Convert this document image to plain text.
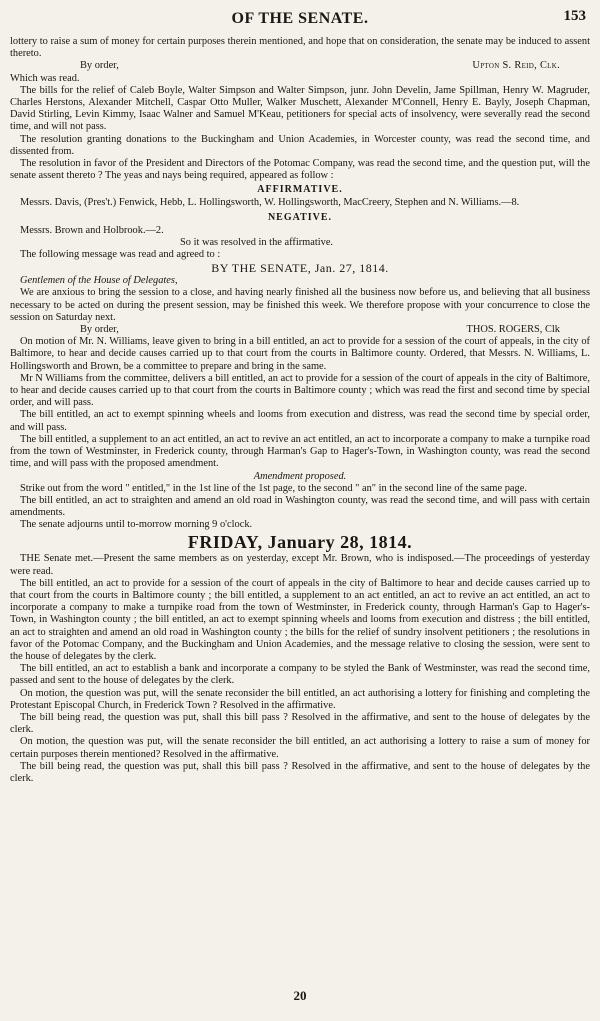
OF THE SENATE.	153

lottery to raise a sum of money for certain purposes therein mentioned, and hope that on consideration, the senate may be induced to assent thereto.

By order,	Upton S. Reid, Clk.

Which was read.

The bills for the relief of Caleb Boyle, Walter Simpson and Walter Simpson, junr. John Develin, Jame Spillman, Henry W. Magruder, Charles Herstons, Alexander Mitchell, Caspar Otto Muller, Walker Muschett, Alexander M'Connell, Henry E. Bayly, Joseph Chapman, David Stirling, Levin Kimmy, Isaac Walner and Samuel M'Keau, petitioners for special acts of insolvency, were severally read the second time, and will not pass.

The resolution granting donations to the Buckingham and Union Academies, in Worcester county, was read the second time, and dissented from.

The resolution in favor of the President and Directors of the Potomac Company, was read the second time, and the question put, will the senate assent thereto ? The yeas and nays being required, appeared as follow :

AFFIRMATIVE.

Messrs. Davis, (Pres't.) Fenwick, Hebb, L. Hollingsworth, W. Hollingsworth, MacCreery, Stephen and N. Williams.—8.

NEGATIVE.

Messrs. Brown and Holbrook.—2.

So it was resolved in the affirmative.

The following message was read and agreed to :

BY THE SENATE, Jan. 27, 1814.

Gentlemen of the House of Delegates,

We are anxious to bring the session to a close, and having nearly finished all the business now before us, and believing that all business necessary to be acted on during the present session, may be finished this week. We therefore propose with your concurrence to close the session on Saturday next.

By order,	THOS. ROGERS, Clk

On motion of Mr. N. Williams, leave given to bring in a bill entitled, an act to provide for a session of the court of appeals, in the city of Baltimore, to hear and decide causes carried up to that court from the courts in Baltimore county. Ordered, that Messrs. N. Williams, L. Hollingsworth and Brown, be a committee to prepare and bring in the same.

Mr N Williams from the committee, delivers a bill entitled, an act to provide for a session of the court of appeals in the city of Baltimore, to hear and decide causes carried up to that court from the courts in Baltimore county ; which was read the first and second time by special order, and will pass.

The bill entitled, an act to exempt spinning wheels and looms from execution and distress, was read the second time by special order, and will pass.

The bill entitled, a supplement to an act entitled, an act to revive an act entitled, an act to incorporate a company to make a turnpike road from the town of Westminster, in Frederick county, through Harman's Gap to Hager's-Town, in Washington county, was read the second time, and will pass with the proposed amendment.

Amendment proposed.

Strike out from the word " entitled," in the 1st line of the 1st page, to the second " an" in the second line of the same page.

The bill entitled, an act to straighten and amend an old road in Washington county, was read the second time, and will pass with certain amendments.

The senate adjourns until to-morrow morning 9 o'clock.

FRIDAY, January 28, 1814.

THE Senate met.—Present the same members as on yesterday, except Mr. Brown, who is indisposed.—The proceedings of yesterday were read.

The bill entitled, an act to provide for a session of the court of appeals in the city of Baltimore to hear and decide causes carried up to that court from the courts in Baltimore county ; the bill entitled, a supplement to an act entitled, an act to revive an act entitled, an act to incorporate a company to make a turnpike road from the town of Westminster, in Frederick county, through Harman's Gap to Hager's-Town, in Washington county ; the bill entitled, an act to exempt spinning wheels and looms from execution and distress ; the bill entitled, an act to straighten and amend an old road in Washington county ; the bills for the relief of sundry insolvent petitioners ; the resolutions in favor of the Potomac Company, and the Buckingham and Union Academies, and the message relative to closing the session, were sent to the house of delegates by the clerk.

The bill entitled, an act to establish a bank and incorporate a company to be styled the Bank of Westminster, was read the second time, passed and sent to the house of delegates by the clerk.

On motion, the question was put, will the senate reconsider the bill entitled, an act authorising a lottery for finishing and completing the Protestant Episcopal Church, in Frederick Town ? Resolved in the affirmative.

The bill being read, the question was put, shall this bill pass ? Resolved in the affirmative, and sent to the house of delegates by the clerk.

On motion, the question was put, will the senate reconsider the bill entitled, an act authorising a lottery to raise a sum of money for certain purposes therein mentioned? Resolved in the affirmative.

The bill being read, the question was put, shall this bill pass ? Resolved in the affirmative, and sent to the house of delegates by the clerk.

20
